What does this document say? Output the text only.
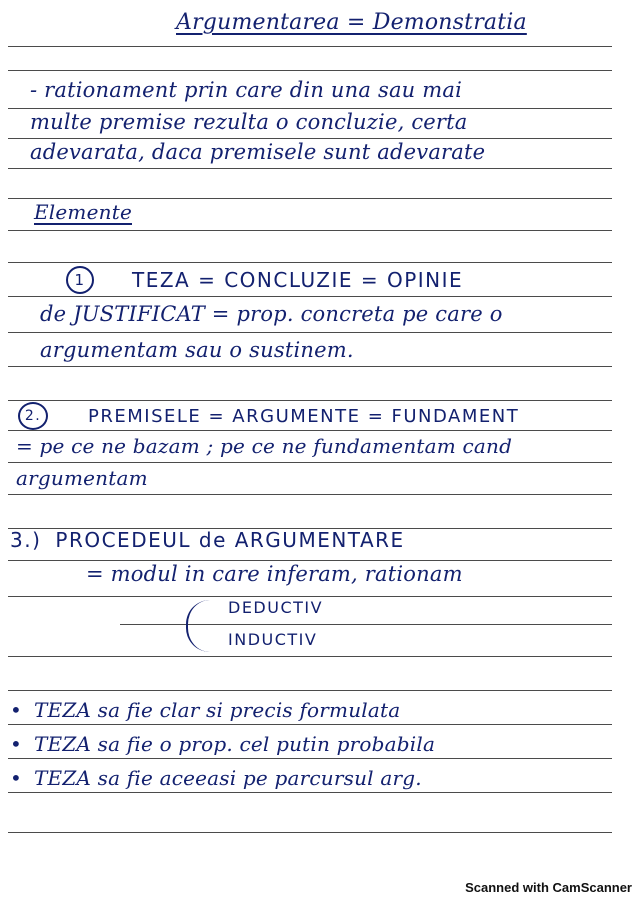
Argumentarea = Demonstratia
- rationament prin care din una sau mai
multe premise rezulta o concluzie, certa
adevarata, daca premisele sunt adevarate
Elemente
1	TEZA = CONCLUZIE = OPINIE
de JUSTIFICAT = prop. concreta pe care o
argumentam sau o sustinem.
2.	PREMISELE = ARGUMENTE = FUNDAMENT
= pe ce ne bazam ; pe ce ne fundamentam cand
argumentam
3.) PROCEDEUL de ARGUMENTARE
= modul in care inferam, rationam
DEDUCTIV
INDUCTIV
• TEZA sa fie clar si precis formulata
• TEZA sa fie o prop. cel putin probabila
• TEZA sa fie aceeasi pe parcursul arg.
Scanned with CamScanner
